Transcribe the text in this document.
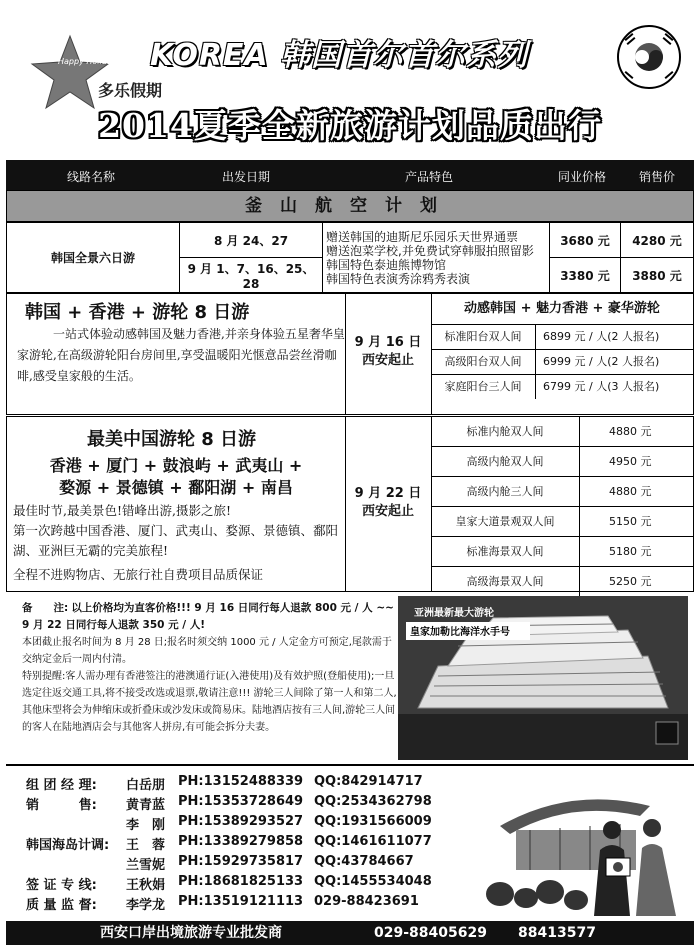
Happy Holiday
多乐假期
KOREA 韩国首尔首尔系列
2014夏季全新旅游计划品质出行
线路名称	出发日期	产品特色	同业价格	销售价
釜山航空计划
韩国全景六日游	8 月 24、27	赠送韩国的迪斯尼乐园乐天世界通票
赠送泡菜学校,并免费试穿韩服拍照留影
韩国特色泰迪熊博物馆
韩国特色表演秀涂鸦秀表演	3680 元	4280 元
	9 月 1、7、16、25、28		3380 元	3880 元
韩国 + 香港 + 游轮 8 日游
一站式体验动感韩国及魅力香港,并亲身体验五星奢华皇家游轮,在高级游轮阳台房间里,享受温暖阳光惬意品尝丝滑咖啡,感受皇家般的生活。
9 月 16 日
西安起止
动感韩国 + 魅力香港 + 豪华游轮
标准阳台双人间	6899 元 / 人(2 人报名)
高级阳台双人间	6999 元 / 人(2 人报名)
家庭阳台三人间	6799 元 / 人(3 人报名)
最美中国游轮 8 日游
香港 + 厦门 + 鼓浪屿 + 武夷山 +
婺源 + 景德镇 + 鄱阳湖 + 南昌
最佳时节,最美景色!错峰出游,摄影之旅!
第一次跨越中国香港、厦门、武夷山、婺源、景德镇、鄱阳湖、亚洲巨无霸的完美旅程!
全程不进购物店、无旅行社自费项目品质保证
9 月 22 日
西安起止
标准内舱双人间	4880 元
高级内舱双人间	4950 元
高级内舱三人间	4880 元
皇家大道景观双人间	5150 元
标准海景双人间	5180 元
高级海景双人间	5250 元
备　　注: 以上价格均为直客价格!!! 9 月 16 日同行每人退款 800 元 / 人 ~~ 9 月 22 日同行每人退款 350 元 / 人!
本团截止报名时间为 8 月 28 日;报名时须交纳 1000 元 / 人定金方可预定,尾款需于交纳定金后一周内付清。
特别提醒:客人需办理有香港签注的港澳通行证(入港使用)及有效护照(登船使用);一旦选定往返交通工具,将不接受改选或退票,敬请注意!!! 游轮三人间除了第一人和第二人,其他床型将会为伸缩床或折叠床或沙发床或简易床。陆地酒店按有三人间,游轮三人间的客人在陆地酒店会与其他客人拼房,有可能会拆分夫妻。
亚洲最新最大游轮
皇家加勒比海洋水手号
组 团 经 理: 白岳朋 PH:13152488339 QQ:842914717
销 　 　 售: 黄青蓝 PH:15353728649 QQ:2534362798
李　刚 PH:15389293527 QQ:1931566009
韩国海岛计调: 王　蓉 PH:13389279858 QQ:1461611077
兰雪妮 PH:15929735817 QQ:43784667
签 证 专 线: 王秋娟 PH:18681825133 QQ:1455534048
质 量 监 督: 李学龙 PH:13519121113 029-88423691
西安口岸出境旅游专业批发商	029-88405629 88413577
